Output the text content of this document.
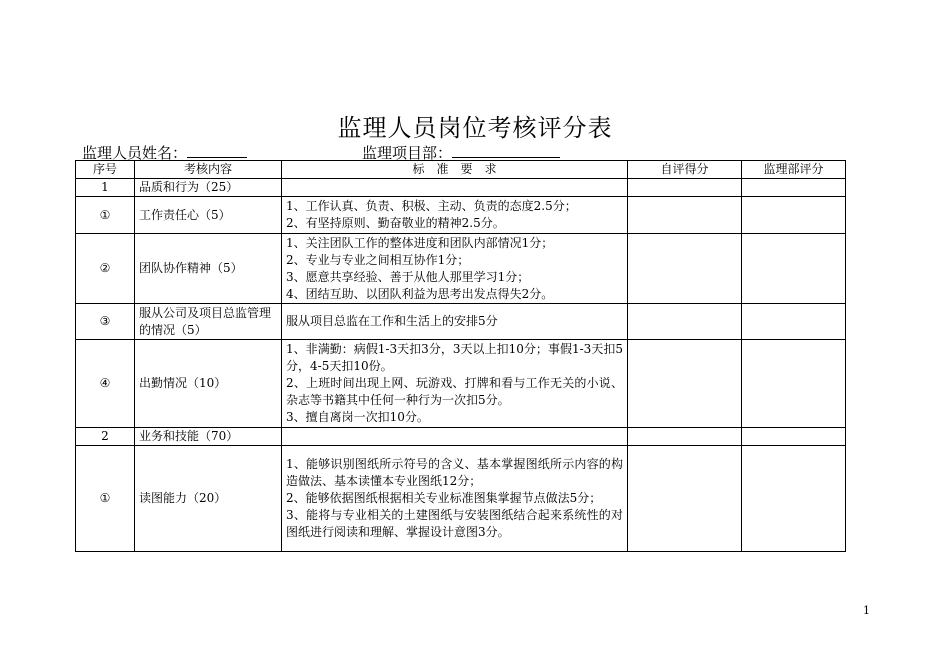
监理人员岗位考核评分表
监理人员姓名：	监理项目部：
序号	考核内容	标　准　要　求	自评得分	监理部评分
1	品质和行为（25）			
①	工作责任心（5）	1、工作认真、负责、积极、主动、负责的态度2.5分；
2、有坚持原则、勤奋敬业的精神2.5分。		

②	团队协作精神（5）	1、关注团队工作的整体进度和团队内部情况1分；
2、专业与专业之间相互协作1分；
3、愿意共享经验、善于从他人那里学习1分；
4、团结互助、以团队利益为思考出发点得失2分。		

③	服从公司及项目总监管理的情况（5）	服从项目总监在工作和生活上的安排5分		

④	出勤情况（10）	1、非满勤：病假1-3天扣3分，3天以上扣10分；事假1-3天扣5分，4-5天扣10份。
2、上班时间出现上网、玩游戏、打牌和看与工作无关的小说、杂志等书籍其中任何一种行为一次扣5分。
3、擅自离岗一次扣10分。		

2	业务和技能（70）			
①	读图能力（20）	1、能够识别图纸所示符号的含义、基本掌握图纸所示内容的构造做法、基本读懂本专业图纸12分；
2、能够依据图纸根据相关专业标准图集掌握节点做法5分；
3、能将与专业相关的土建图纸与安装图纸结合起来系统性的对图纸进行阅读和理解、掌握设计意图3分。		

1
